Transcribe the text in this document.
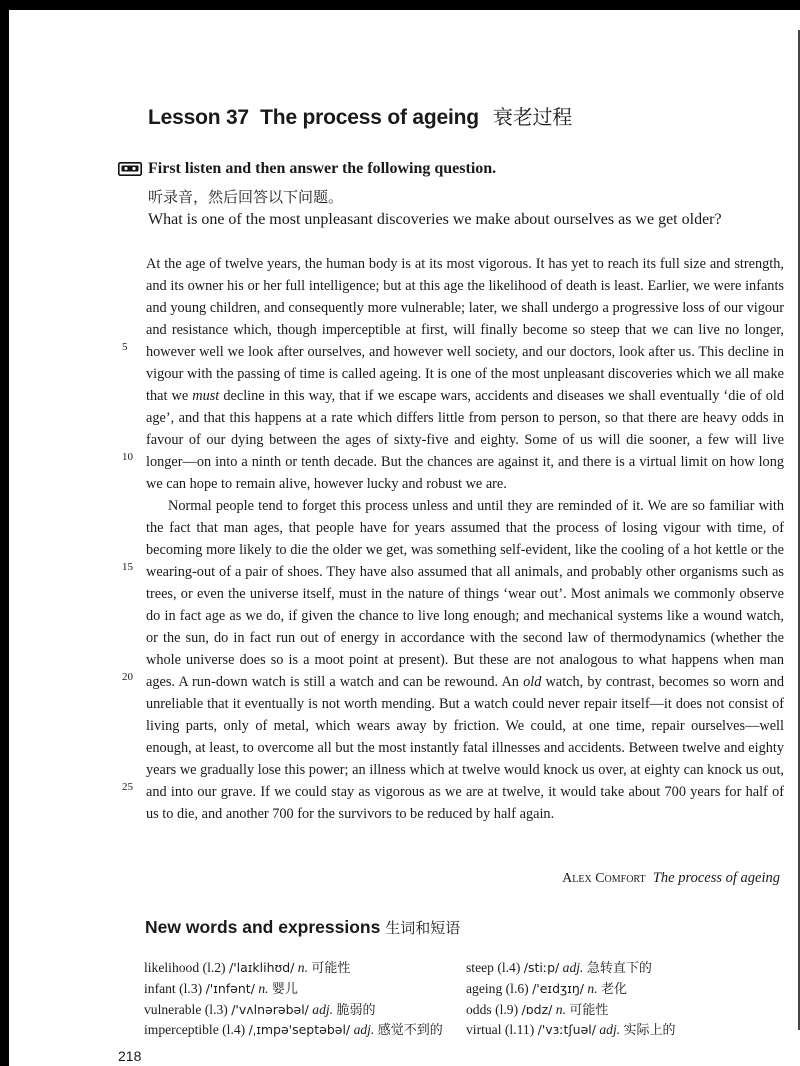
Lesson 37  The process of ageing 衰老过程
First listen and then answer the following question.
听录音，然后回答以下问题。
What is one of the most unpleasant discoveries we make about ourselves as we get older?
5
10
15
20
25

At the age of twelve years, the human body is at its most vigorous. It has yet to reach its full size and strength, and its owner his or her full intelligence; but at this age the likelihood of death is least. Earlier, we were infants and young children, and consequently more vulnerable; later, we shall undergo a progressive loss of our vigour and resistance which, though imperceptible at first, will finally become so steep that we can live no longer, however well we look after ourselves, and however well society, and our doctors, look after us. This decline in vigour with the passing of time is called ageing. It is one of the most unpleasant discoveries which we all make that we must decline in this way, that if we escape wars, accidents and diseases we shall eventually ‘die of old age’, and that this happens at a rate which differs little from person to person, so that there are heavy odds in favour of our dying between the ages of sixty-five and eighty. Some of us will die sooner, a few will live longer—on into a ninth or tenth decade. But the chances are against it, and there is a virtual limit on how long we can hope to remain alive, however lucky and robust we are.

Normal people tend to forget this process unless and until they are reminded of it. We are so familiar with the fact that man ages, that people have for years assumed that the process of losing vigour with time, of becoming more likely to die the older we get, was something self-evident, like the cooling of a hot kettle or the wearing-out of a pair of shoes. They have also assumed that all animals, and probably other organisms such as trees, or even the universe itself, must in the nature of things ‘wear out’. Most animals we commonly observe do in fact age as we do, if given the chance to live long enough; and mechanical systems like a wound watch, or the sun, do in fact run out of energy in accordance with the second law of thermodynamics (whether the whole universe does so is a moot point at present). But these are not analogous to what happens when man ages. A run-down watch is still a watch and can be rewound. An old watch, by contrast, becomes so worn and unreliable that it eventually is not worth mending. But a watch could never repair itself—it does not consist of living parts, only of metal, which wears away by friction. We could, at one time, repair ourselves—well enough, at least, to overcome all but the most instantly fatal illnesses and accidents. Between twelve and eighty years we gradually lose this power; an illness which at twelve would knock us over, at eighty can knock us out, and into our grave. If we could stay as vigorous as we are at twelve, it would take about 700 years for half of us to die, and another 700 for the survivors to be reduced by half again.

Alex Comfort The process of ageing
New words and expressions 生词和短语
likelihood (l.2) /'laɪklihʊd/ n. 可能性
infant (l.3) /'ɪnfənt/ n. 婴儿
vulnerable (l.3) /'vʌlnərəbəl/ adj. 脆弱的
imperceptible (l.4) /ˌɪmpə'septəbəl/ adj. 感觉不到的
steep (l.4) /stiːp/ adj. 急转直下的
ageing (l.6) /'eɪdʒɪŋ/ n. 老化
odds (l.9) /ɒdz/ n. 可能性
virtual (l.11) /'vɜːtʃuəl/ adj. 实际上的
218
